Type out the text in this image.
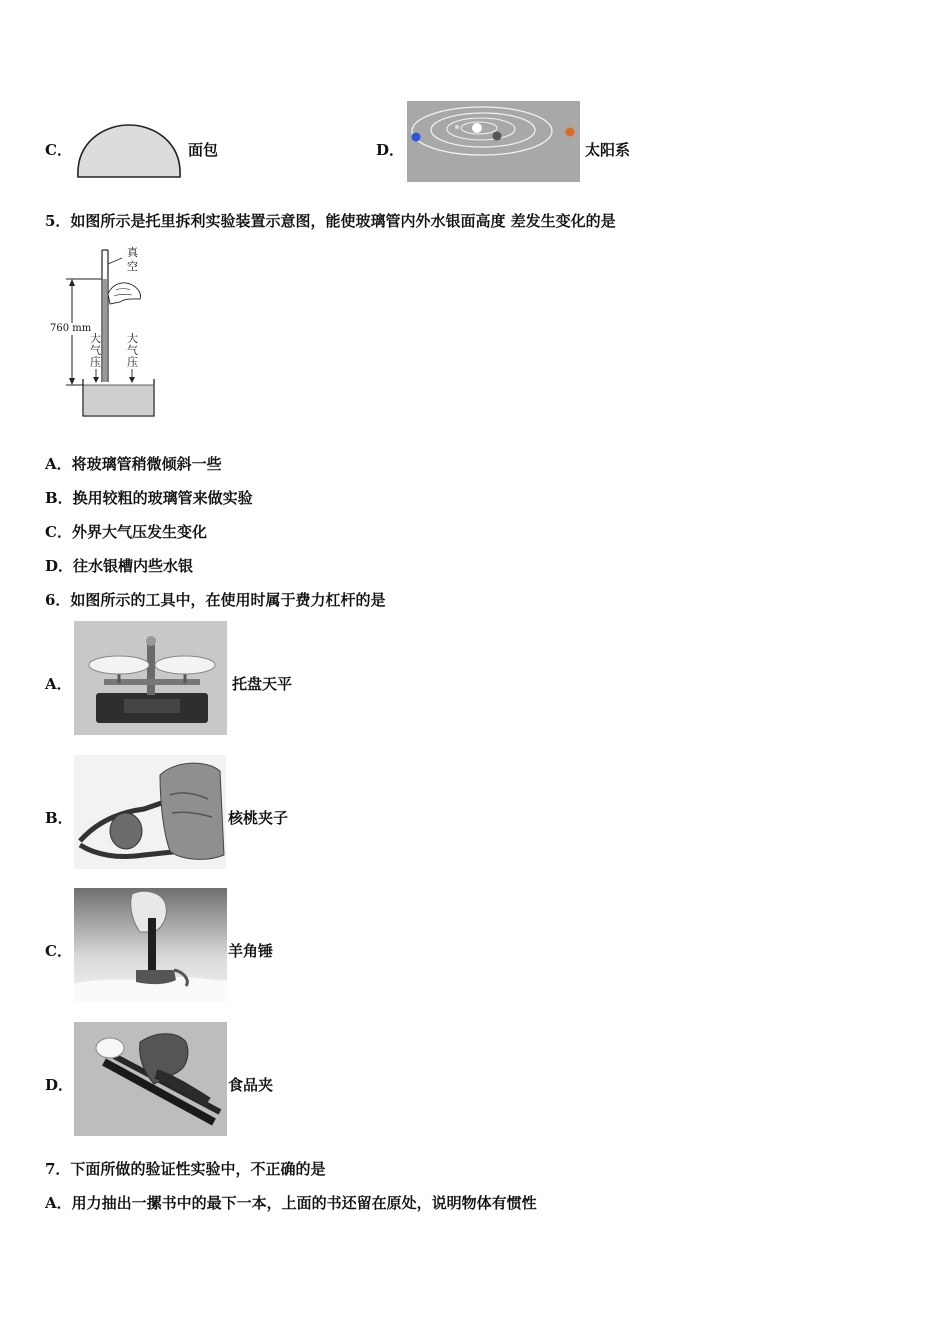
C．	面包	D．	太阳系
5．如图所示是托里拆利实验装置示意图，能使玻璃管内外水银面高度 差发生变化的是
真
空
760 mm
大
气
压
大
气
压
A．将玻璃管稍微倾斜一些
B．换用较粗的玻璃管来做实验
C．外界大气压发生变化
D．往水银槽内些水银
6．如图所示的工具中，在使用时属于费力杠杆的是
A．	托盘天平
B．	核桃夹子
C．	羊角锤
D．	食品夹
7．下面所做的验证性实验中，不正确的是
A．用力抽出一摞书中的最下一本，上面的书还留在原处，说明物体有惯性
